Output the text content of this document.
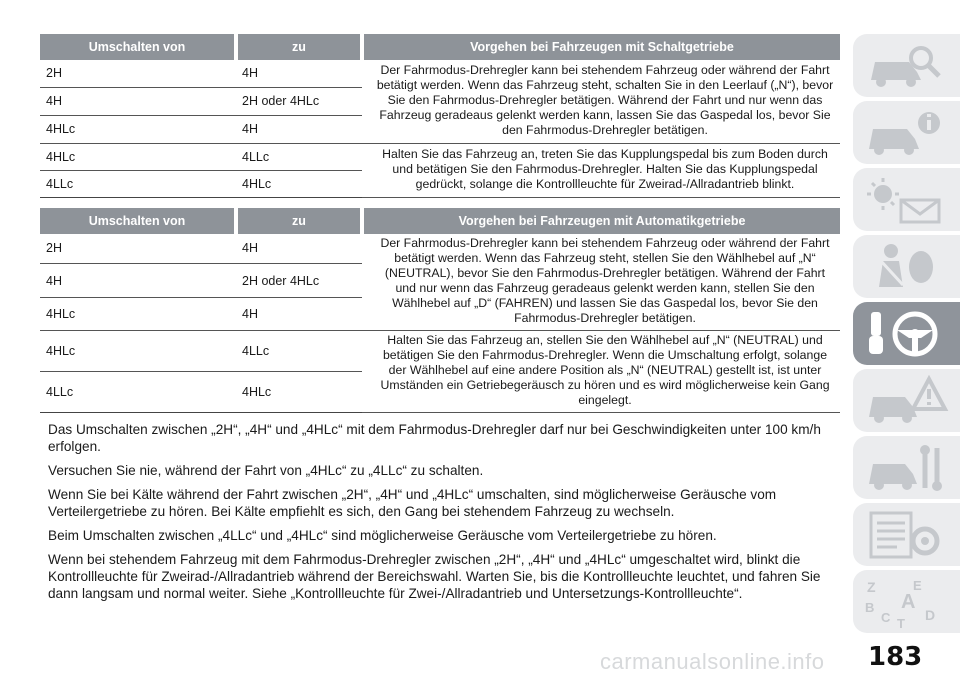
Umschalten von	zu	Vorgehen bei Fahrzeugen mit Schaltgetriebe
2H	4H	Der Fahrmodus-Drehregler kann bei stehendem Fahrzeug oder während der Fahrt betätigt werden. Wenn das Fahrzeug steht, schalten Sie in den Leerlauf („N“), bevor Sie den Fahrmodus-Drehregler betätigen. Während der Fahrt und nur wenn das Fahrzeug geradeaus gelenkt werden kann, lassen Sie das Gaspedal los, bevor Sie den Fahrmodus-Drehregler betätigen.
4H	2H oder 4HLc	
4HLc	4H	
4HLc	4LLc	Halten Sie das Fahrzeug an, treten Sie das Kupplungspedal bis zum Boden durch und betätigen Sie den Fahrmodus-Drehregler. Halten Sie das Kupplungspedal gedrückt, solange die Kontrollleuchte für Zweirad-/Allradantrieb blinkt.
4LLc	4HLc	
Umschalten von	zu	Vorgehen bei Fahrzeugen mit Automatikgetriebe
2H	4H	Der Fahrmodus-Drehregler kann bei stehendem Fahrzeug oder während der Fahrt betätigt werden. Wenn das Fahrzeug steht, stellen Sie den Wählhebel auf „N“ (NEUTRAL), bevor Sie den Fahrmodus-Drehregler betätigen. Während der Fahrt und nur wenn das Fahrzeug geradeaus gelenkt werden kann, stellen Sie den Wählhebel auf „D“ (FAHREN) und lassen Sie das Gaspedal los, bevor Sie den Fahrmodus-Drehregler betätigen.
4H	2H oder 4HLc	
4HLc	4H	
4HLc	4LLc	Halten Sie das Fahrzeug an, stellen Sie den Wählhebel auf „N“ (NEUTRAL) und betätigen Sie den Fahrmodus-Drehregler. Wenn die Umschaltung erfolgt, solange der Wählhebel auf eine andere Position als „N“ (NEUTRAL) gestellt ist, ist unter Umständen ein Getriebegeräusch zu hören und es wird möglicherweise kein Gang eingelegt.
4LLc	4HLc	

Das Umschalten zwischen „2H“, „4H“ und „4HLc“ mit dem Fahrmodus-Drehregler darf nur bei Geschwindigkeiten unter 100 km/h erfolgen.

Versuchen Sie nie, während der Fahrt von „4HLc“ zu „4LLc“ zu schalten.

Wenn Sie bei Kälte während der Fahrt zwischen „2H“, „4H“ und „4HLc“ umschalten, sind möglicherweise Geräusche vom Verteilergetriebe zu hören. Bei Kälte empfiehlt es sich, den Gang bei stehendem Fahrzeug zu wechseln.

Beim Umschalten zwischen „4LLc“ und „4HLc“ sind möglicherweise Geräusche vom Verteilergetriebe zu hören.

Wenn bei stehendem Fahrzeug mit dem Fahrmodus-Drehregler zwischen „2H“, „4H“ und „4HLc“ umgeschaltet wird, blinkt die Kontrollleuchte für Zweirad-/Allradantrieb während der Bereichswahl. Warten Sie, bis die Kontrollleuchte leuchtet, und fahren Sie dann langsam und normal weiter. Siehe „Kontrollleuchte für Zwei-/Allradantrieb und Untersetzungs-Kontrollleuchte“.	Z	E
B A
C D
T
carmanualsonline.info 183
